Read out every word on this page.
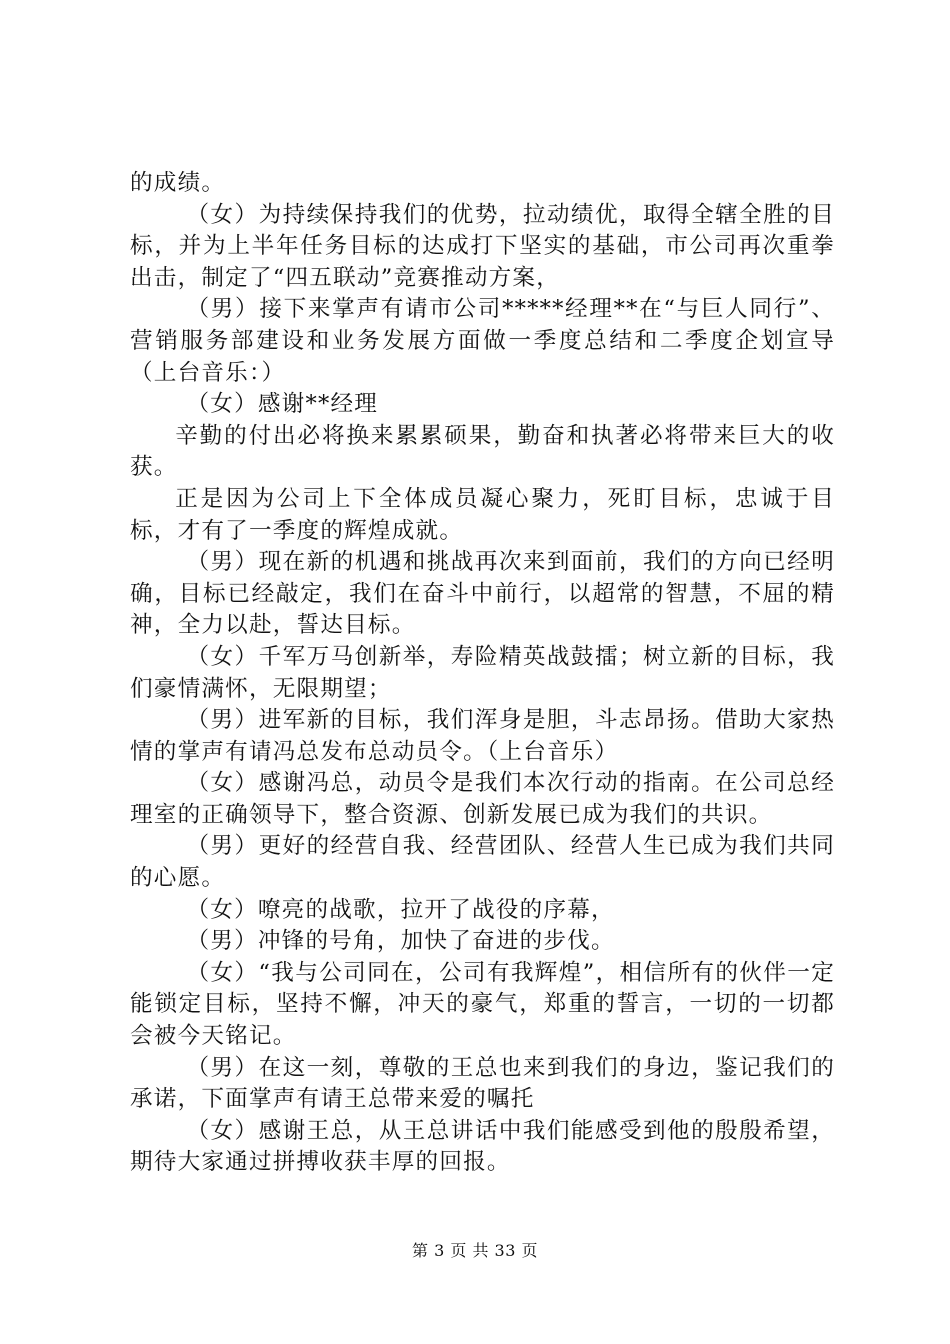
的成绩。

（女）为持续保持我们的优势，拉动绩优，取得全辖全胜的目标，并为上半年任务目标的达成打下坚实的基础，市公司再次重拳出击，制定了“四五联动”竞赛推动方案，

（男）接下来掌声有请市公司*****经理**在“与巨人同行”、营销服务部建设和业务发展方面做一季度总结和二季度企划宣导（上台音乐：）

（女）感谢**经理

辛勤的付出必将换来累累硕果，勤奋和执著必将带来巨大的收获。

正是因为公司上下全体成员凝心聚力，死盯目标，忠诚于目标，才有了一季度的辉煌成就。

（男）现在新的机遇和挑战再次来到面前，我们的方向已经明确，目标已经敲定，我们在奋斗中前行，以超常的智慧，不屈的精神，全力以赴，誓达目标。

（女）千军万马创新举，寿险精英战鼓擂；树立新的目标，我们豪情满怀，无限期望；

（男）进军新的目标，我们浑身是胆，斗志昂扬。借助大家热情的掌声有请冯总发布总动员令。（上台音乐）

（女）感谢冯总，动员令是我们本次行动的指南。在公司总经理室的正确领导下，整合资源、创新发展已成为我们的共识。

（男）更好的经营自我、经营团队、经营人生已成为我们共同的心愿。

（女）嘹亮的战歌，拉开了战役的序幕，

（男）冲锋的号角，加快了奋进的步伐。

（女）“我与公司同在，公司有我辉煌”，相信所有的伙伴一定能锁定目标，坚持不懈，冲天的豪气，郑重的誓言，一切的一切都会被今天铭记。

（男）在这一刻，尊敬的王总也来到我们的身边，鉴记我们的承诺，下面掌声有请王总带来爱的嘱托

（女）感谢王总，从王总讲话中我们能感受到他的殷殷希望，期待大家通过拼搏收获丰厚的回报。

第 3 页 共 33 页
